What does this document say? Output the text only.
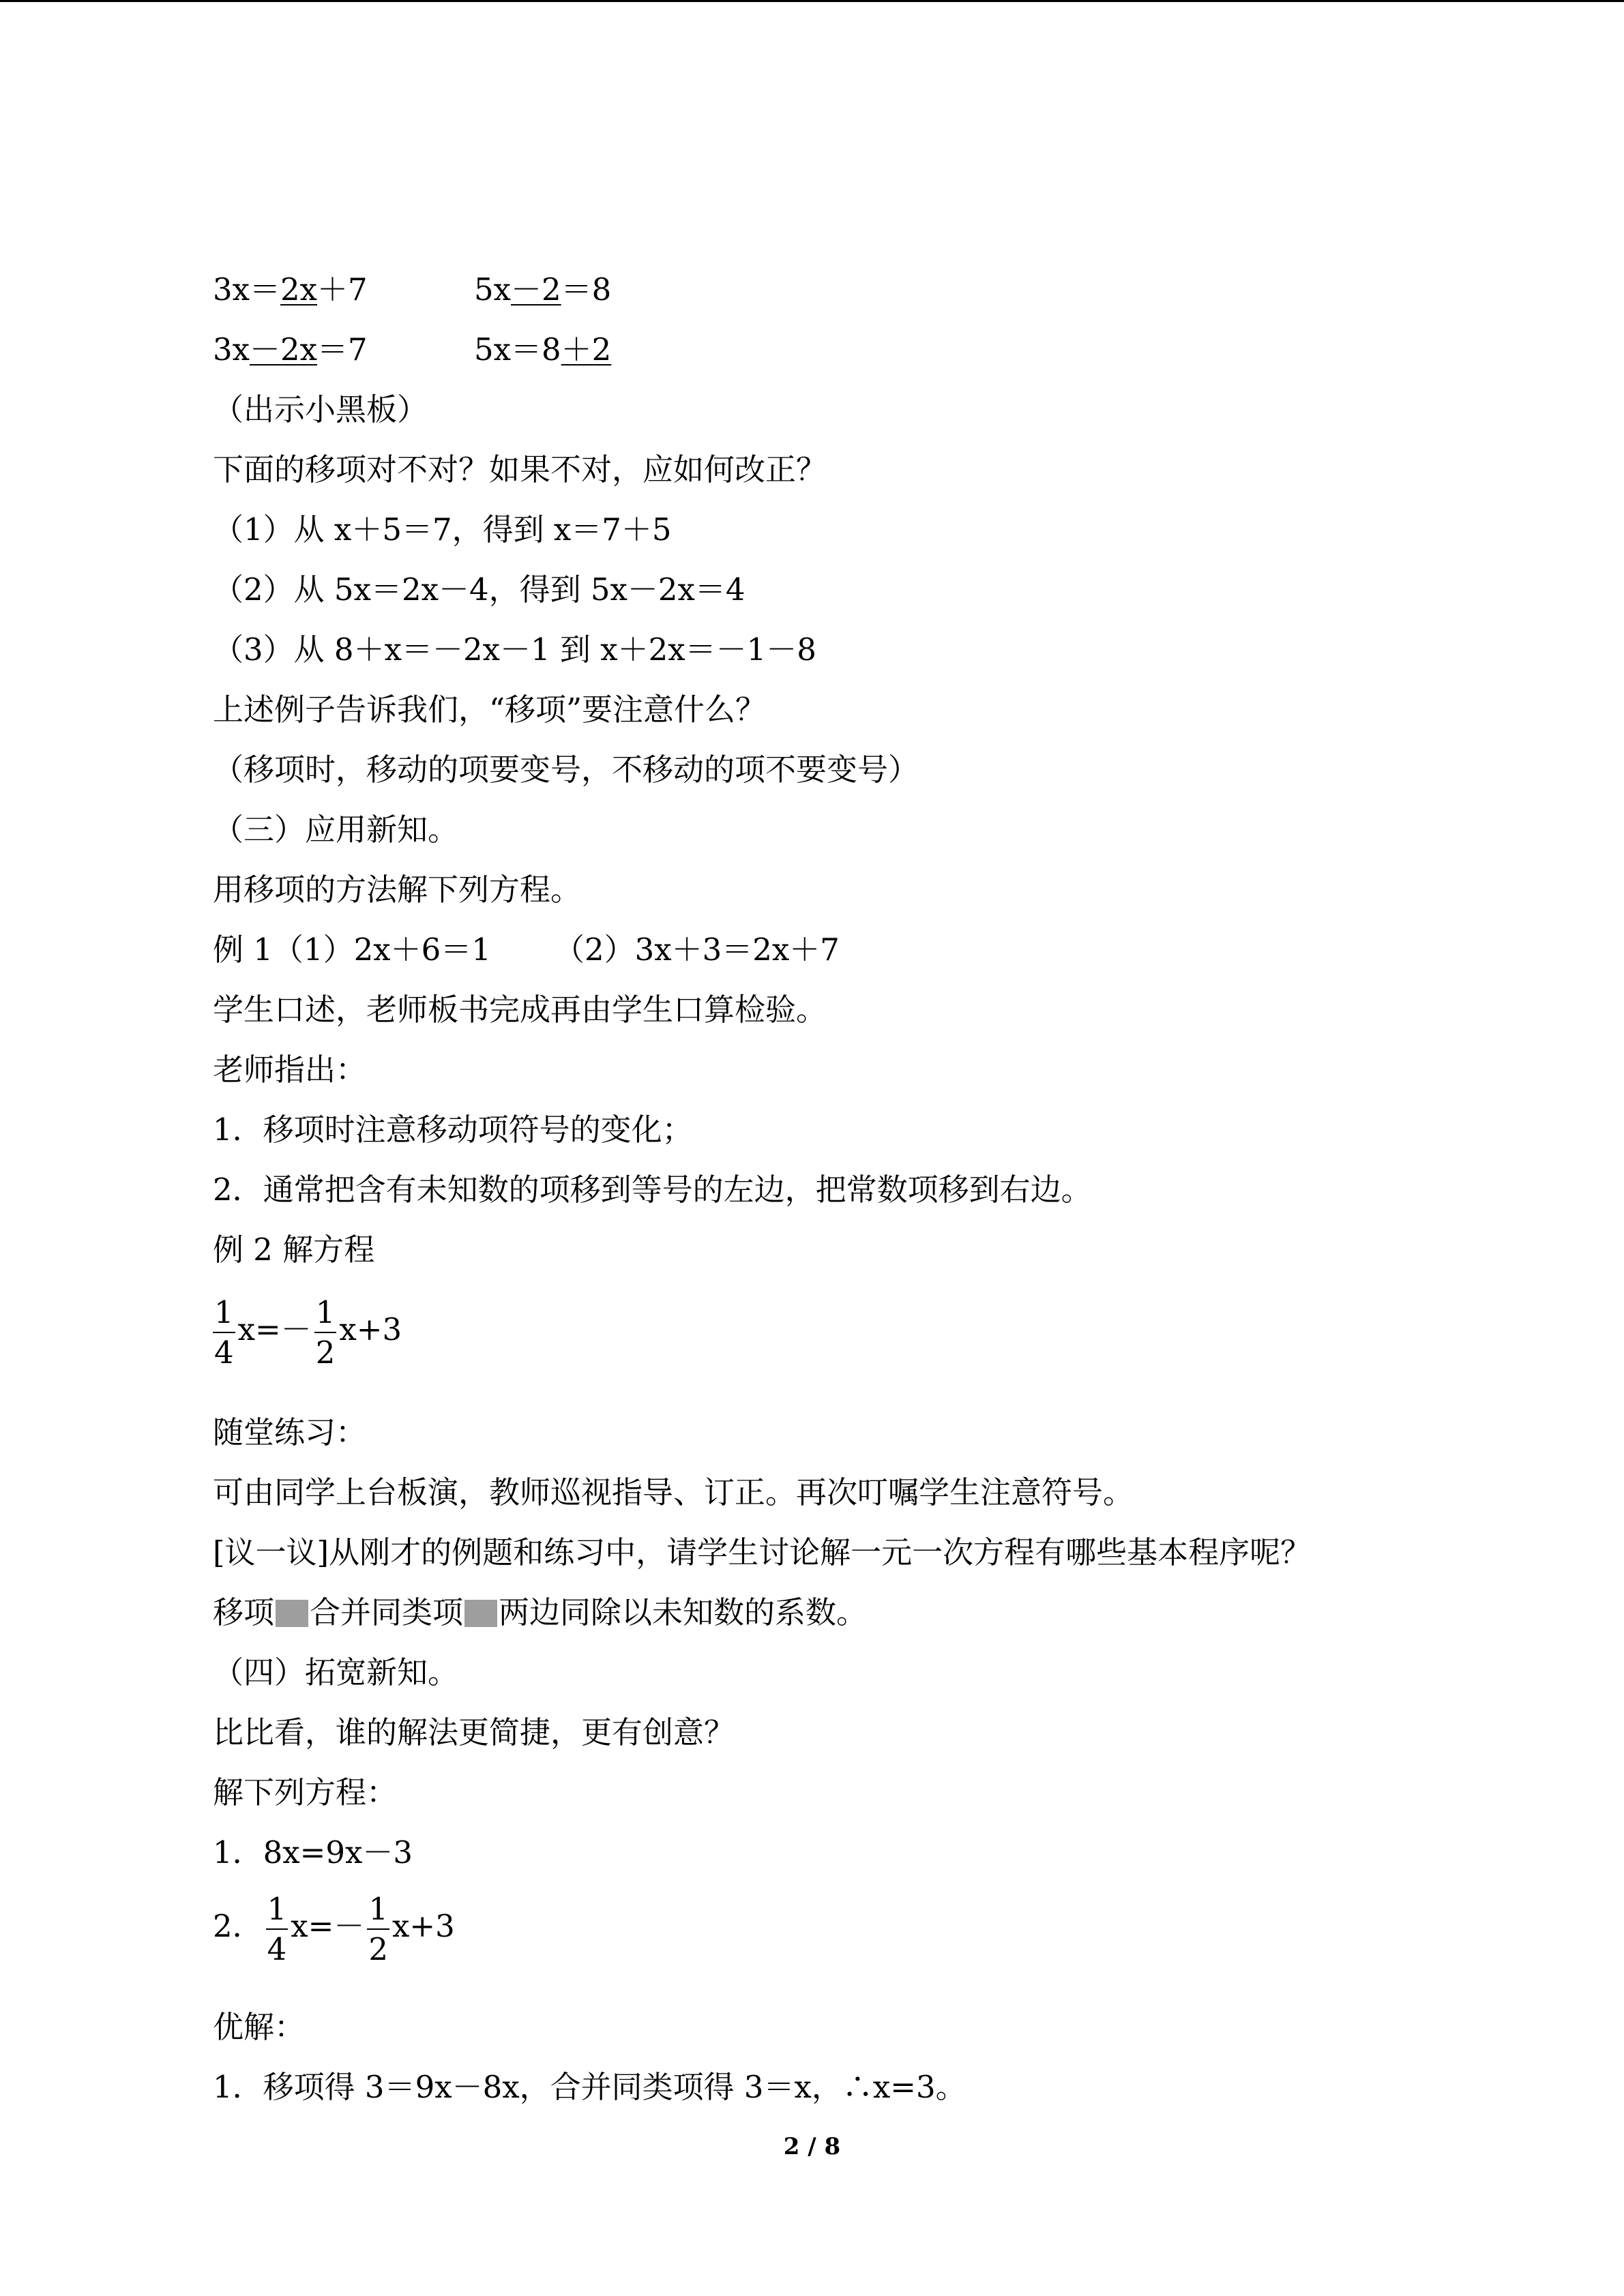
3x＝2x＋7	5x－2＝8
3x－2x＝7	5x＝8＋2
（出示小黑板）
下面的移项对不对？如果不对，应如何改正？
（1）从 x＋5＝7，得到 x＝7＋5
（2）从 5x＝2x－4，得到 5x－2x＝4
（3）从 8＋x＝－2x－1 到 x＋2x＝－1－8
上述例子告诉我们，“移项”要注意什么？
（移项时，移动的项要变号，不移动的项不要变号）
（三）应用新知。
用移项的方法解下列方程。
例 1（1）2x＋6＝1 （2）3x＋3＝2x＋7
学生口述，老师板书完成再由学生口算检验。
老师指出：
1．移项时注意移动项符号的变化；
2．通常把含有未知数的项移到等号的左边，把常数项移到右边。
例 2 解方程
$\frac{1}{4} x=- \frac{1}{2} x+3$
随堂练习：
可由同学上台板演，教师巡视指导、订正。再次叮嘱学生注意符号。
[议一议]从刚才的例题和练习中，请学生讨论解一元一次方程有哪些基本程序呢？
移项 合并同类项 两边同除以未知数的系数。
（四）拓宽新知。
比比看，谁的解法更简捷，更有创意？
解下列方程：
1．8x=9x－3
2． $\frac{1}{4} x=- \frac{1}{2} x+3$
优解：
1．移项得 3＝9x－8x，合并同类项得 3＝x，∴x=3。
2 / 8
